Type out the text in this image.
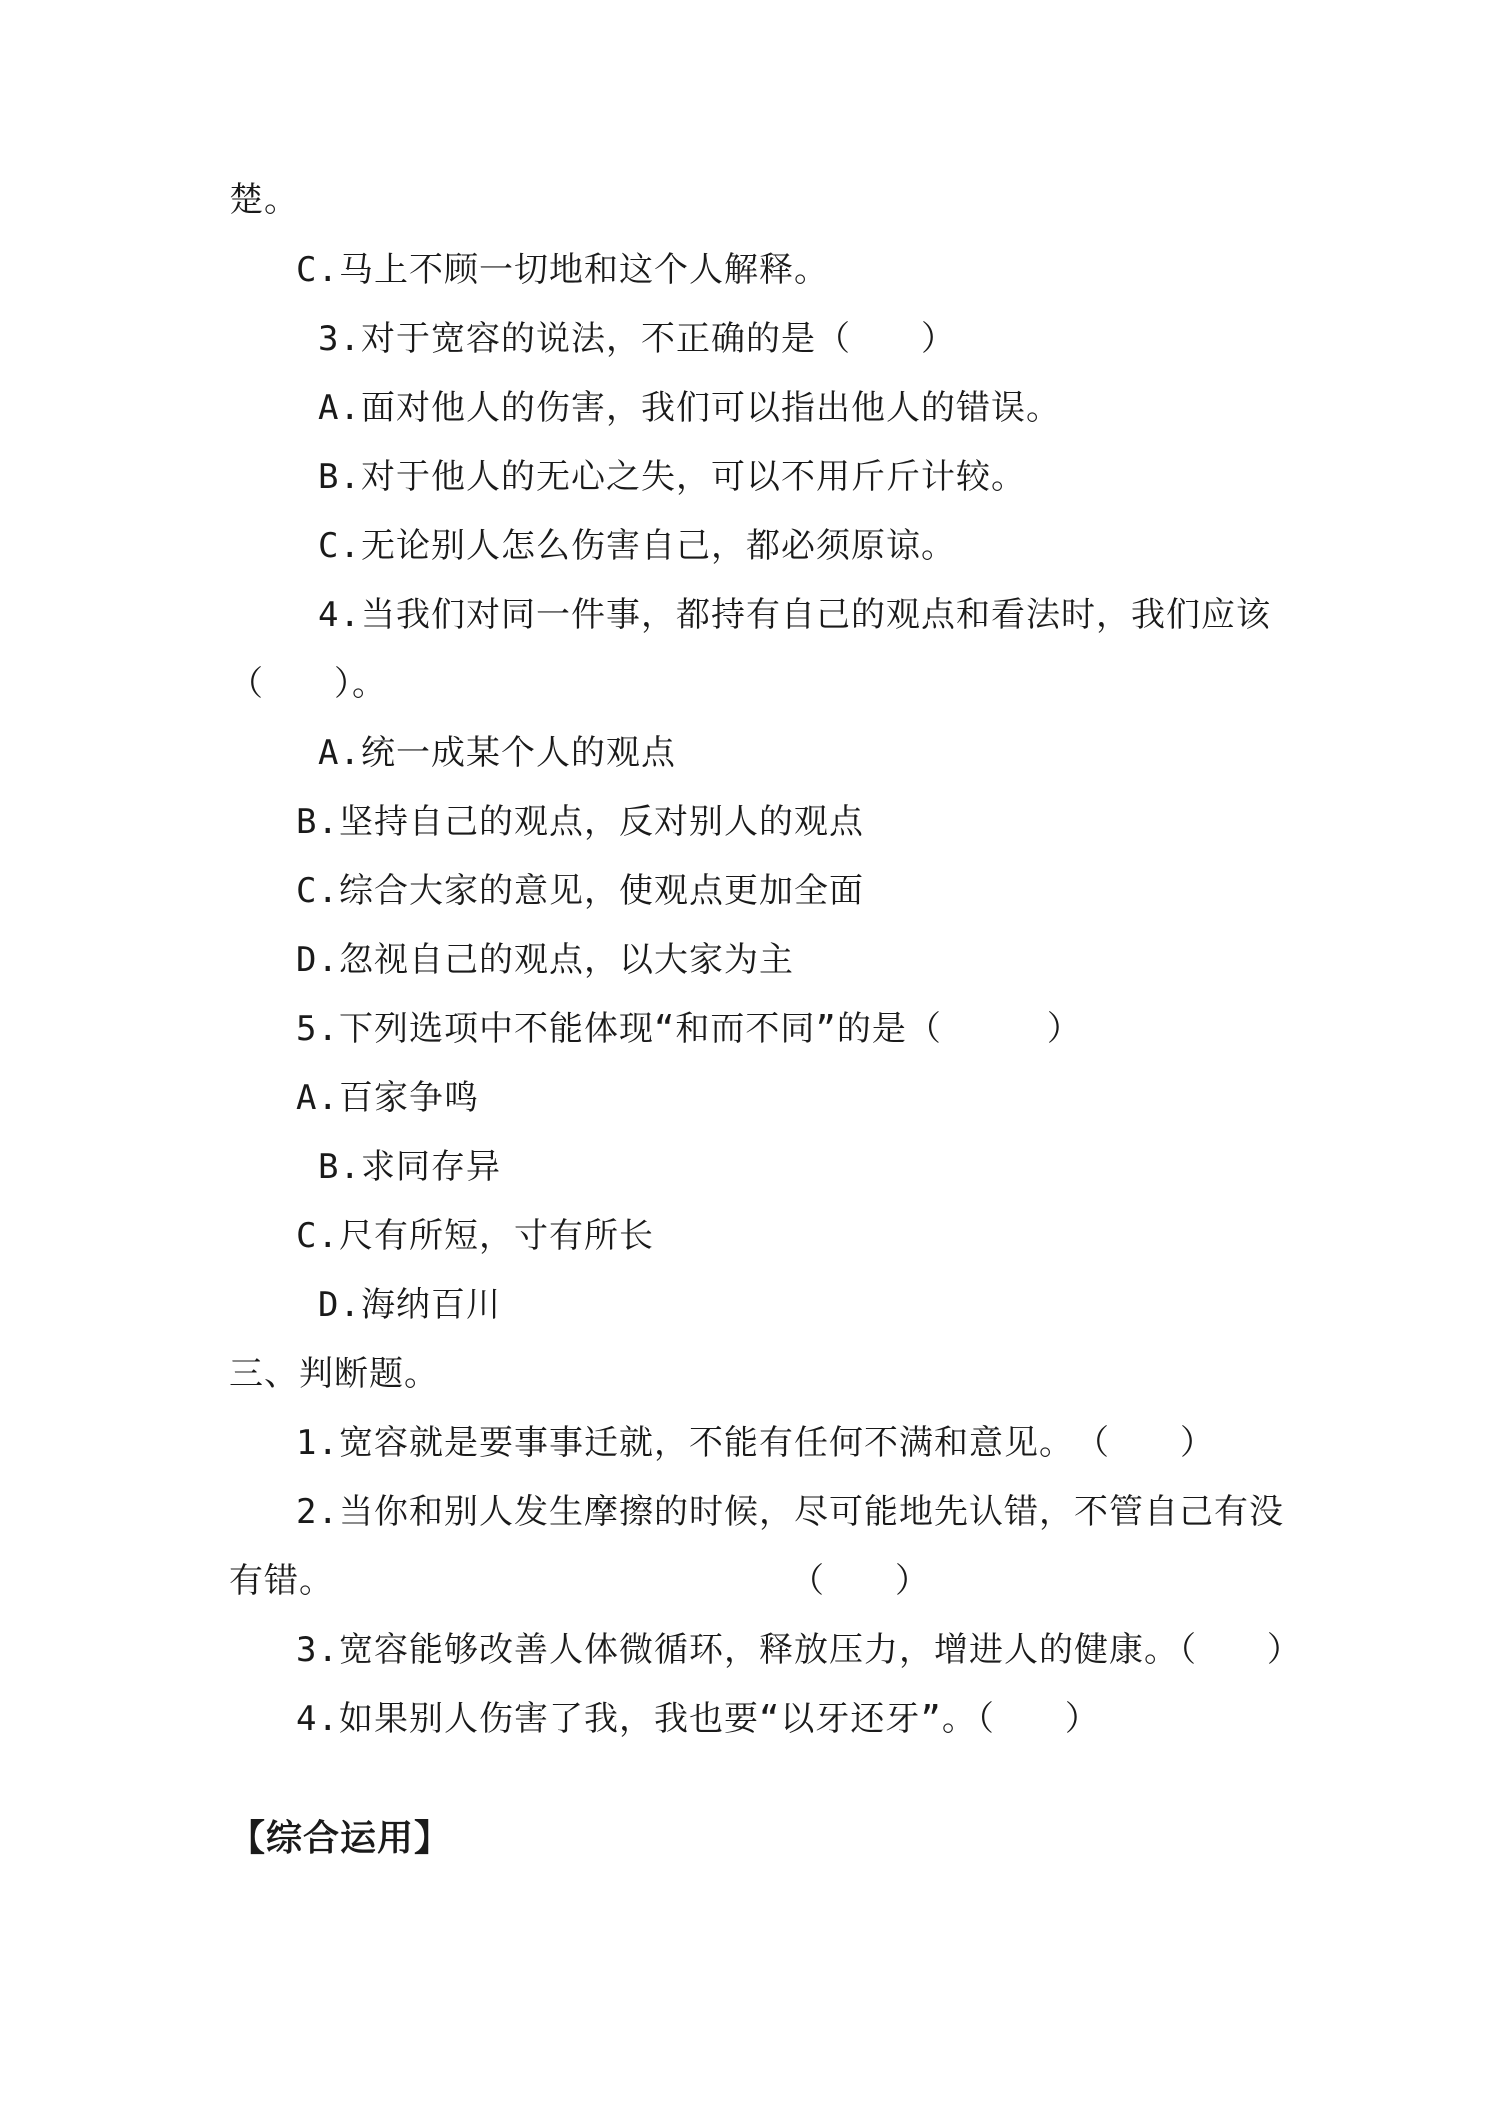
楚。
C.马上不顾一切地和这个人解释。
3.对于宽容的说法，不正确的是（　　）
A.面对他人的伤害，我们可以指出他人的错误。
B.对于他人的无心之失，可以不用斤斤计较。
C.无论别人怎么伤害自己，都必须原谅。
4.当我们对同一件事，都持有自己的观点和看法时，我们应该
（　　）。
A.统一成某个人的观点
B.坚持自己的观点，反对别人的观点
C.综合大家的意见，使观点更加全面
D.忽视自己的观点，以大家为主
5.下列选项中不能体现“和而不同”的是（　　　）
A.百家争鸣
B.求同存异
C.尺有所短，寸有所长
D.海纳百川
三、判断题。
1.宽容就是要事事迁就，不能有任何不满和意见。　（　　）
2.当你和别人发生摩擦的时候，尽可能地先认错，不管自己有没
有错。　　　　　　　　　　　　　　（　　）
3.宽容能够改善人体微循环，释放压力，增进人的健康。（　　）
4.如果别人伤害了我，我也要“以牙还牙”。（　　）
【综合运用】
